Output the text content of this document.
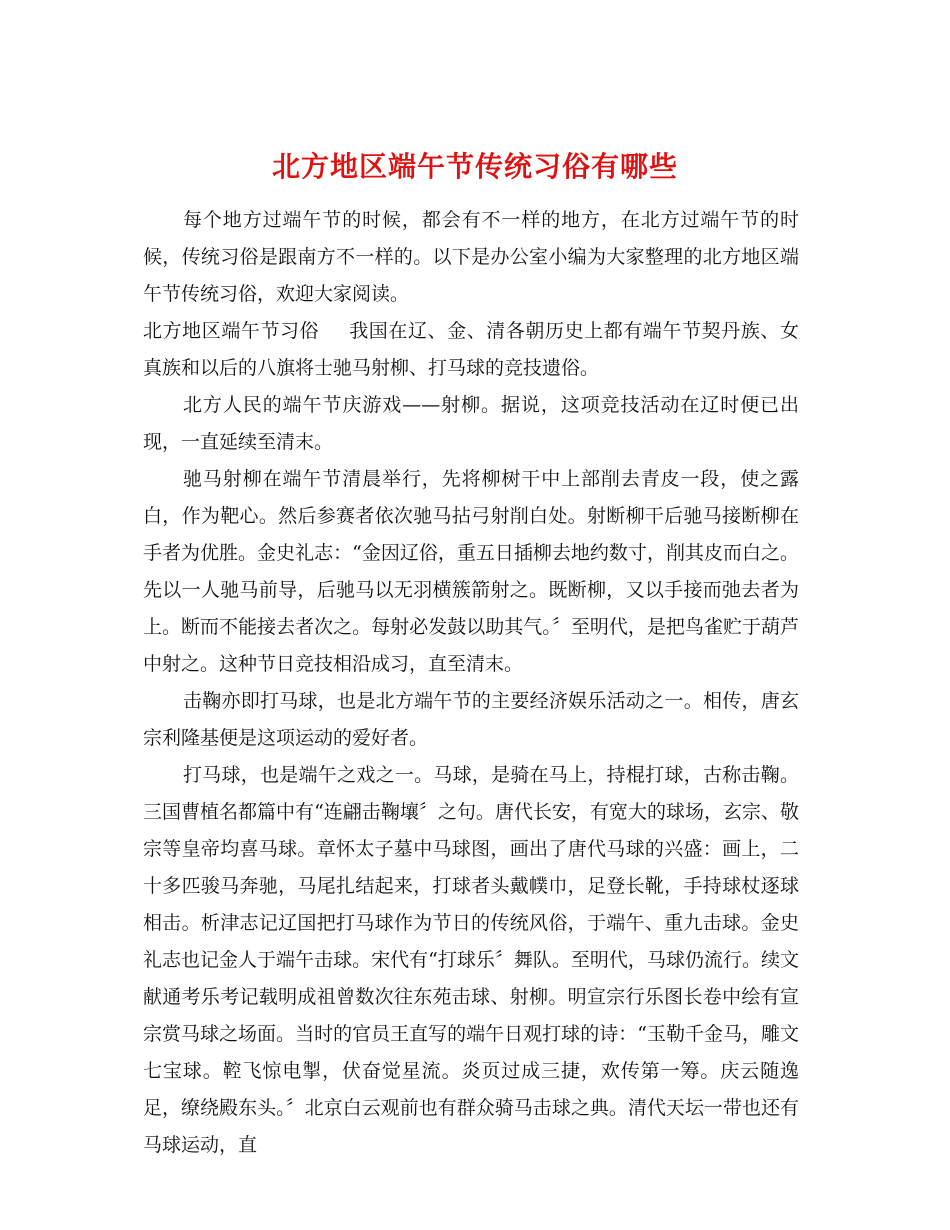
北方地区端午节传统习俗有哪些

每个地方过端午节的时候，都会有不一样的地方，在北方过端午节的时候，传统习俗是跟南方不一样的。以下是办公室小编为大家整理的北方地区端午节传统习俗，欢迎大家阅读。

北方地区端午节习俗 我国在辽、金、清各朝历史上都有端午节契丹族、女真族和以后的八旗将士驰马射柳、打马球的竞技遗俗。

北方人民的端午节庆游戏——射柳。据说，这项竞技活动在辽时便已出现，一直延续至清末。

驰马射柳在端午节清晨举行，先将柳树干中上部削去青皮一段，使之露白，作为靶心。然后参赛者依次驰马拈弓射削白处。射断柳干后驰马接断柳在手者为优胜。金史礼志：“金因辽俗，重五日插柳去地约数寸，削其皮而白之。先以一人驰马前导，后驰马以无羽横簇箭射之。既断柳，又以手接而弛去者为上。断而不能接去者次之。每射必发鼓以助其气。〞至明代，是把鸟雀贮于葫芦中射之。这种节日竞技相沿成习，直至清末。

击鞠亦即打马球，也是北方端午节的主要经济娱乐活动之一。相传，唐玄宗利隆基便是这项运动的爱好者。

打马球，也是端午之戏之一。马球，是骑在马上，持棍打球，古称击鞠。三国曹植名都篇中有“连翩击鞠壤〞之句。唐代长安，有宽大的球场，玄宗、敬宗等皇帝均喜马球。章怀太子墓中马球图，画出了唐代马球的兴盛：画上，二十多匹骏马奔驰，马尾扎结起来，打球者头戴幞巾，足登长靴，手持球杖逐球相击。析津志记辽国把打马球作为节日的传统风俗，于端午、重九击球。金史礼志也记金人于端午击球。宋代有“打球乐〞舞队。至明代，马球仍流行。续文献通考乐考记载明成祖曾数次往东苑击球、射柳。明宣宗行乐图长卷中绘有宣宗赏马球之场面。当时的官员王直写的端午日观打球的诗：“玉勒千金马，雕文七宝球。鞚飞惊电掣，伏奋觉星流。炎页过成三捷，欢传第一筹。庆云随逸足，缭绕殿东头。〞北京白云观前也有群众骑马击球之典。清代天坛一带也还有马球运动，直
